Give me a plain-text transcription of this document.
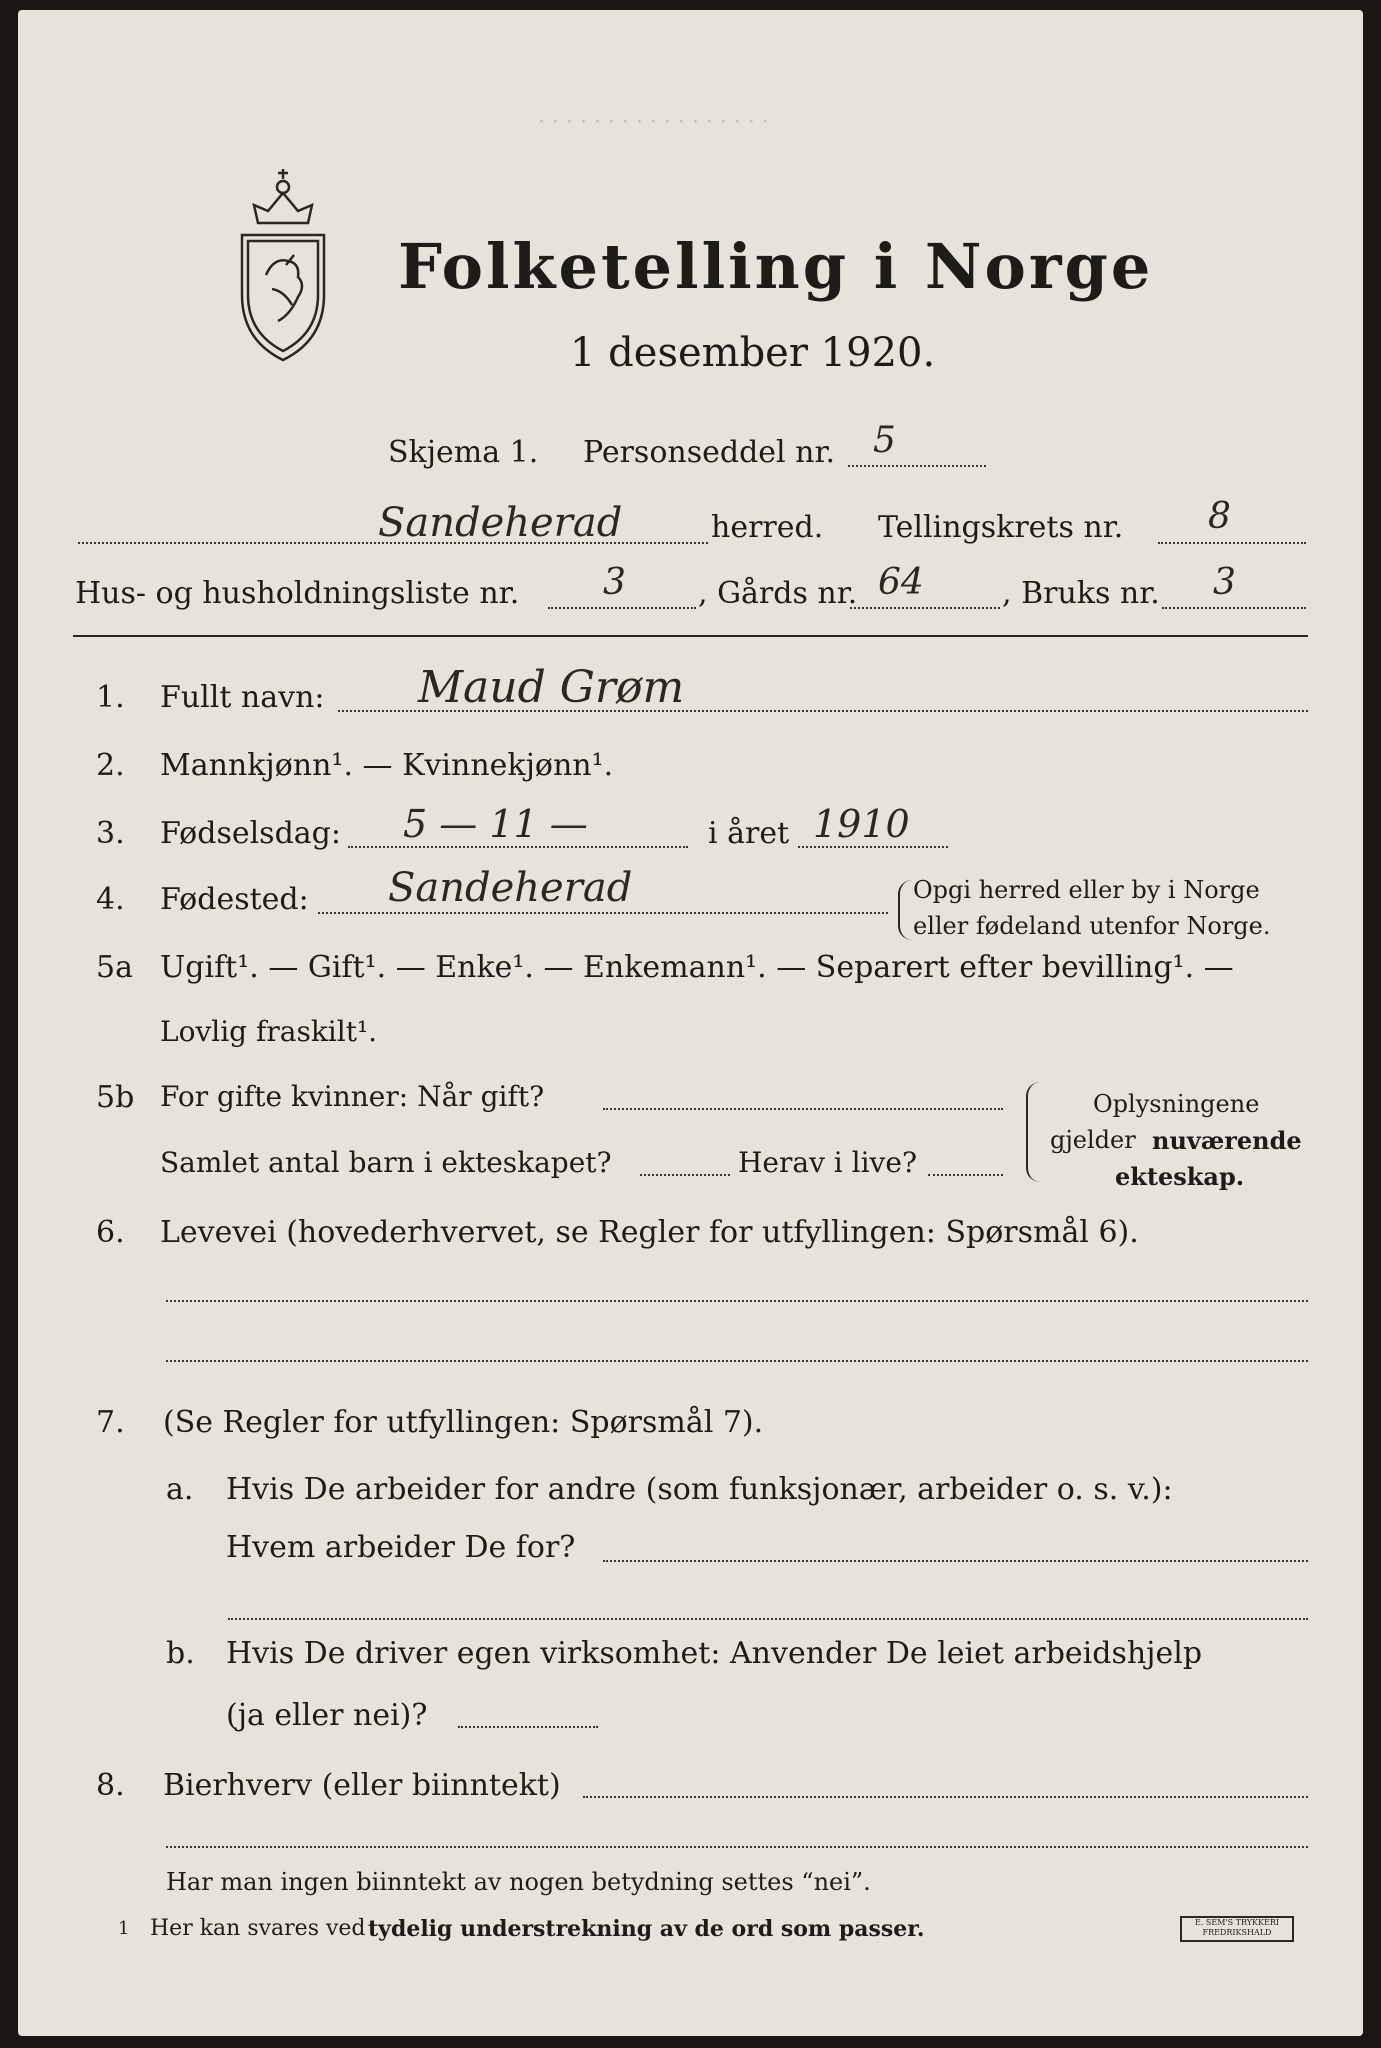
· · · · · · · · · · · · · · · · ·
Folketelling i Norge
1 desember 1920.
Skjema 1. Personseddel nr. 5
Sandeherad	herred. Tellingskrets nr. 8
Hus- og husholdningsliste nr. 3 , Gårds nr. 64	, Bruks nr. 3
1. Fullt navn: Maud Grøm
2. Mannkjønn¹. — Kvinnekjønn¹.
3. Fødselsdag: 5 — 11 —	i året 1910
4. Fødested: Sandeherad	Opgi herred eller by i Norge
eller fødeland utenfor Norge.
5a Ugift¹. — Gift¹. — Enke¹. — Enkemann¹. — Separert efter bevilling¹. —
Lovlig fraskilt¹.
5b For gifte kvinner: Når gift?
Samlet antal barn i ekteskapet?	Herav i live?
Oplysningene
gjelder nuværende
ekteskap.
6. Levevei (hovederhvervet, se Regler for utfyllingen: Spørsmål 6).
7. (Se Regler for utfyllingen: Spørsmål 7).
a. Hvis De arbeider for andre (som funksjonær, arbeider o. s. v.):
Hvem arbeider De for?
b. Hvis De driver egen virksomhet: Anvender De leiet arbeidshjelp
(ja eller nei)?
8. Bierhverv (eller biinntekt)
Har man ingen biinntekt av nogen betydning settes “nei”.
1 Her kan svares ved tydelig understrekning av de ord som passer.	E. SEM'S TRYKKERI FREDRIKSHALD
